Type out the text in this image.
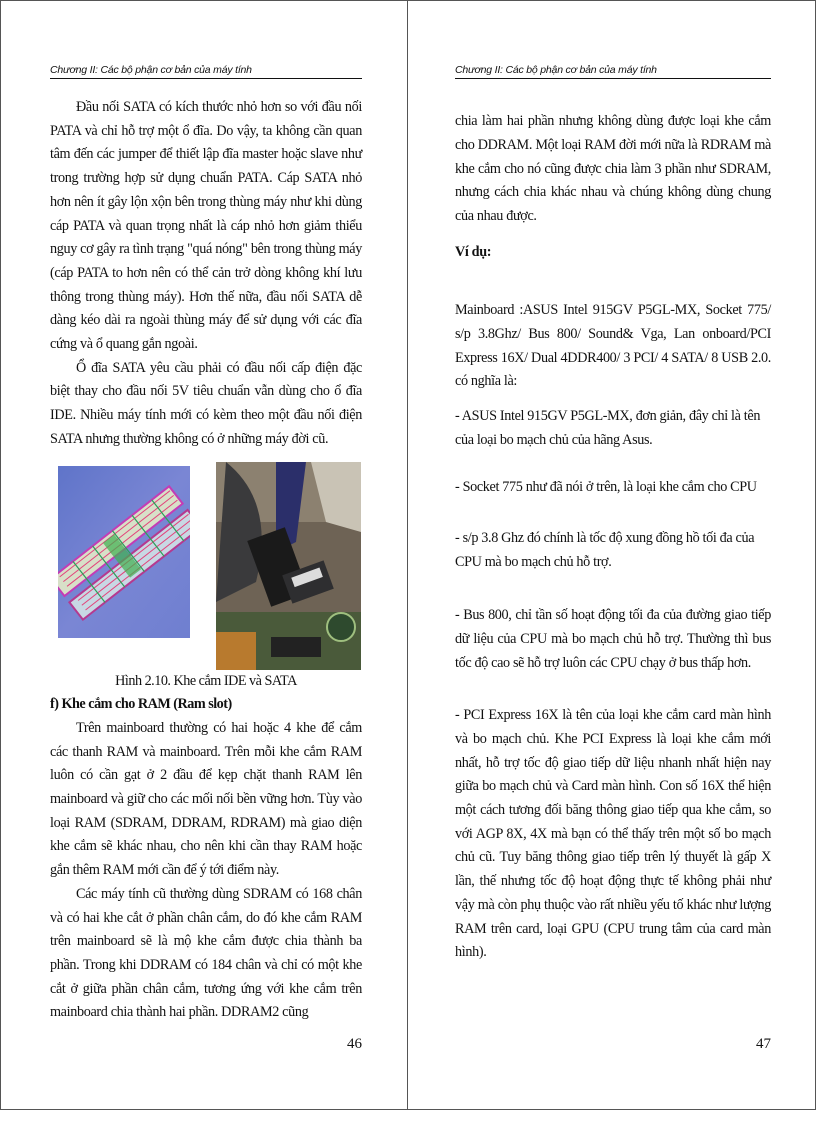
Chương II: Các bộ phận cơ bản của máy tính

Đầu nối SATA có kích thước nhỏ hơn so với đầu nối PATA và chỉ hỗ trợ một ổ đĩa. Do vậy, ta không cần quan tâm đến các jumper để thiết lập đĩa master hoặc slave như trong trường hợp sử dụng chuẩn PATA. Cáp SATA nhỏ hơn nên ít gây lộn xộn bên trong thùng máy như khi dùng cáp PATA và quan trọng nhất là cáp nhỏ hơn giảm thiểu nguy cơ gây ra tình trạng "quá nóng" bên trong thùng máy (cáp PATA to hơn nên có thể cản trở dòng không khí lưu thông trong thùng máy). Hơn thế nữa, đầu nối SATA dễ dàng kéo dài ra ngoài thùng máy để sử dụng với các đĩa cứng và ổ quang gắn ngoài.

Ổ đĩa SATA yêu cầu phải có đầu nối cấp điện đặc biệt thay cho đầu nối 5V tiêu chuẩn vẫn dùng cho ổ đĩa IDE. Nhiều máy tính mới có kèm theo một đầu nối điện SATA nhưng thường không có ở những máy đời cũ.

Hình 2.10. Khe cắm IDE và SATA

f) Khe cắm cho RAM (Ram slot)

Trên mainboard thường có hai hoặc 4 khe để cắm các thanh RAM và mainboard. Trên mỗi khe cắm RAM luôn có cần gạt ở 2 đầu để kẹp chặt thanh RAM lên mainboard và giữ cho các mối nối bền vững hơn. Tùy vào loại RAM (SDRAM, DDRAM, RDRAM) mà giao diện khe cắm sẽ khác nhau, cho nên khi cần thay RAM hoặc gắn thêm RAM mới cần để ý tới điểm này.

Các máy tính cũ thường dùng SDRAM có 168 chân và có hai khe cắt ở phần chân cắm, do đó khe cắm RAM trên mainboard sẽ là mộ khe cắm được chia thành ba phần. Trong khi DDRAM có 184 chân và chỉ có một khe cắt ở giữa phần chân cắm, tương ứng với khe cắm trên mainboard chia thành hai phần. DDRAM2 cũng

46
Chương II: Các bộ phận cơ bản của máy tính

chia làm hai phần nhưng không dùng được loại khe cắm cho DDRAM. Một loại RAM đời mới nữa là RDRAM mà khe cắm cho nó cũng được chia làm 3 phần như SDRAM, nhưng cách chia khác nhau và chúng không dùng chung của nhau được.

Ví dụ:

Mainboard :ASUS Intel 915GV P5GL-MX, Socket 775/ s/p 3.8Ghz/ Bus 800/ Sound& Vga, Lan onboard/PCI Express 16X/ Dual 4DDR400/ 3 PCI/ 4 SATA/ 8 USB 2.0. có nghĩa là:

- ASUS Intel 915GV P5GL-MX, đơn giản, đây chỉ là tên của loại bo mạch chủ của hãng Asus.

- Socket 775 như đã nói ở trên, là loại khe cắm cho CPU

- s/p 3.8 Ghz đó chính là tốc độ xung đồng hồ tối đa của CPU mà bo mạch chủ hỗ trợ.

- Bus 800, chỉ tần số hoạt động tối đa của đường giao tiếp dữ liệu của CPU mà bo mạch chủ hỗ trợ. Thường thì bus tốc độ cao sẽ hỗ trợ luôn các CPU chạy ở bus thấp hơn.

- PCI Express 16X là tên của loại khe cắm card màn hình và bo mạch chủ. Khe PCI Express là loại khe cắm mới nhất, hỗ trợ tốc độ giao tiếp dữ liệu nhanh nhất hiện nay giữa bo mạch chủ và Card màn hình. Con số 16X thể hiện một cách tương đối băng thông giao tiếp qua khe cắm, so với AGP 8X, 4X mà bạn có thể thấy trên một số bo mạch chủ cũ. Tuy băng thông giao tiếp trên lý thuyết là gấp X lần, thế nhưng tốc độ hoạt động thực tế không phải như vậy mà còn phụ thuộc vào rất nhiều yếu tố khác như lượng RAM trên card, loại GPU (CPU trung tâm của card màn hình).

47
